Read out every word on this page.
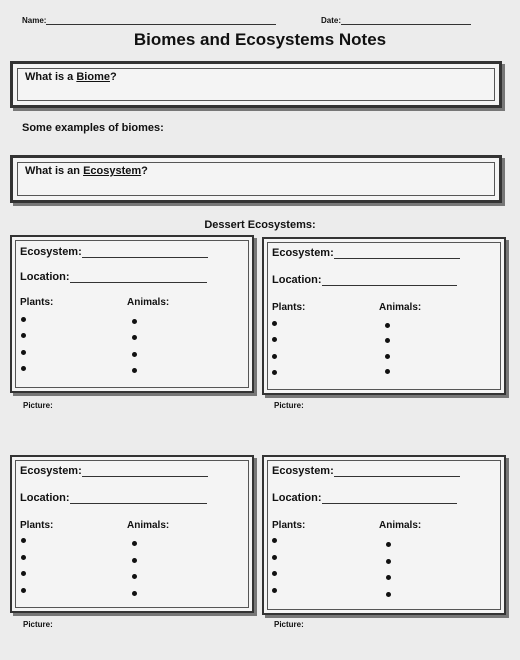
Name:	Date:
Biomes and Ecosystems Notes
What is a Biome?
Some examples of biomes:
What is an Ecosystem?
Dessert Ecosystems:
Ecosystem:
Location:
Plants:	Animals:
Picture:
Ecosystem:
Location:
Plants:	Animals:
Picture:
Ecosystem:
Location:
Plants:	Animals:
Picture:
Ecosystem:
Location:
Plants:	Animals:
Picture:
